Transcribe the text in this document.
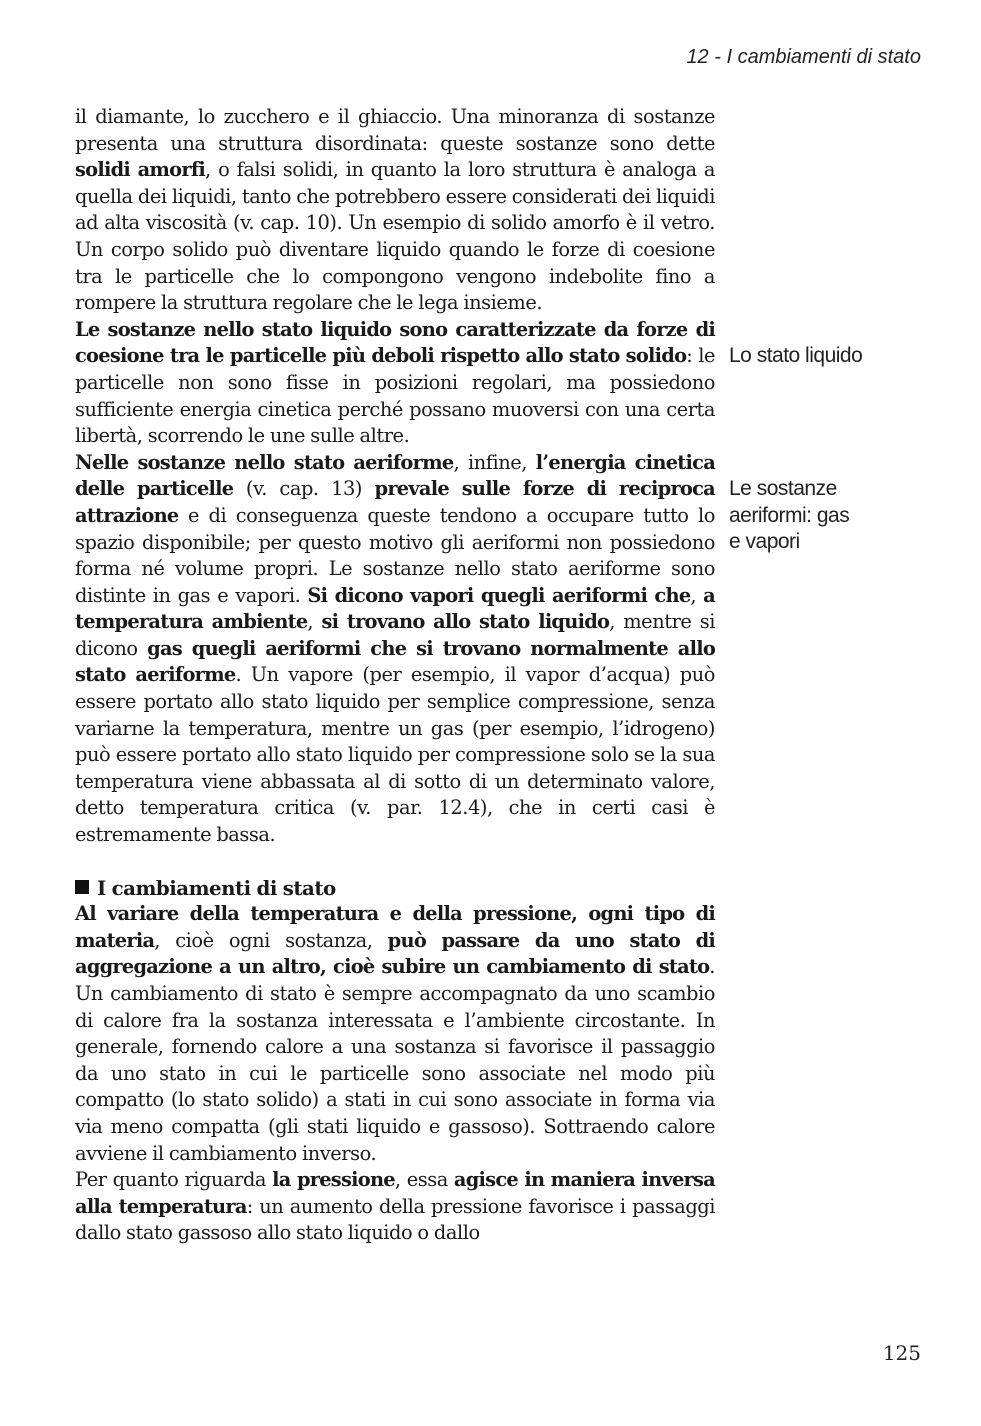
12 - I cambiamenti di stato

il diamante, lo zucchero e il ghiaccio. Una minoranza di sostanze presenta una struttura disordinata: queste sostanze sono dette solidi amorfi, o falsi solidi, in quanto la loro struttura è analoga a quella dei liquidi, tanto che potrebbero essere considerati dei liquidi ad alta viscosità (v. cap. 10). Un esempio di solido amorfo è il vetro. Un corpo solido può diventare liquido quando le forze di coesione tra le particelle che lo compongono vengono indebolite fino a rompere la struttura regolare che le lega insieme.

Le sostanze nello stato liquido sono caratterizzate da forze di coesione tra le particelle più deboli rispetto allo stato solido: le particelle non sono fisse in posizioni regolari, ma possiedono sufficiente energia cinetica perché possano muoversi con una certa libertà, scorrendo le une sulle altre.

Nelle sostanze nello stato aeriforme, infine, l’energia cinetica delle particelle (v. cap. 13) prevale sulle forze di reciproca attrazione e di conseguenza queste tendono a occupare tutto lo spazio disponibile; per questo motivo gli aeriformi non possiedono forma né volume propri. Le sostanze nello stato aeriforme sono distinte in gas e vapori. Si dicono vapori quegli aeriformi che, a temperatura ambiente, si trovano allo stato liquido, mentre si dicono gas quegli aeriformi che si trovano normalmente allo stato aeriforme. Un vapore (per esempio, il vapor d’acqua) può essere portato allo stato liquido per semplice compressione, senza variarne la temperatura, mentre un gas (per esempio, l’idrogeno) può essere portato allo stato liquido per compressione solo se la sua temperatura viene abbassata al di sotto di un determinato valore, detto temperatura critica (v. par. 12.4), che in certi casi è estremamente bassa.

I cambiamenti di stato

Al variare della temperatura e della pressione, ogni tipo di materia, cioè ogni sostanza, può passare da uno stato di aggregazione a un altro, cioè subire un cambiamento di stato. Un cambiamento di stato è sempre accompagnato da uno scambio di calore fra la sostanza interessata e l’ambiente circostante. In generale, fornendo calore a una sostanza si favorisce il passaggio da uno stato in cui le particelle sono associate nel modo più compatto (lo stato solido) a stati in cui sono associate in forma via via meno compatta (gli stati liquido e gassoso). Sottraendo calore avviene il cambiamento inverso.

Per quanto riguarda la pressione, essa agisce in maniera inversa alla temperatura: un aumento della pressione favorisce i passaggi dallo stato gassoso allo stato liquido o dallo

Lo stato liquido
Le sostanze
aeriformi: gas
e vapori
125
